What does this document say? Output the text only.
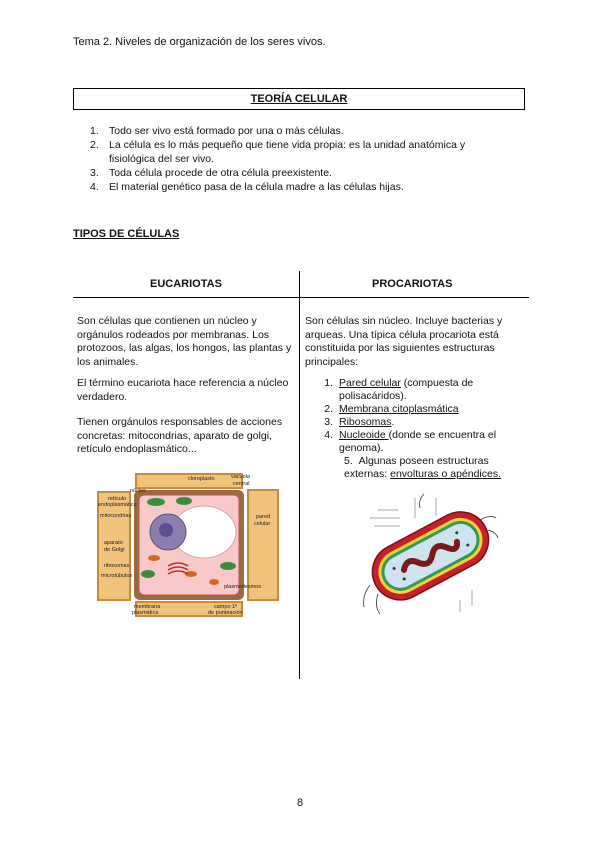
Tema 2. Niveles de organización de los seres vivos.
TEORÍA CELULAR
1. Todo ser vivo está formado por una o más células.
2. La célula es lo más pequeño que tiene vida propia: es la unidad anatómica y fisiológica del ser vivo.
3. Toda célula procede de otra célula preexistente.
4. El material genético pasa de la célula madre a las células hijas.
TIPOS DE CÉLULAS
EUCARIOTAS	PROCARIOTAS
Son células que contienen un núcleo y orgánulos rodeados por membranas. Los protozoos, las algas, los hongos, las plantas y los animales.
El término eucariota hace referencia a núcleo verdadero.
Tienen orgánulos responsables de acciones concretas: mitocondrias, aparato de golgi, retículo endoplasmático...
cloroplasto	vacuola
central
núcleo
retículo
endoplasmático
mitocondrias	pared
celular
aparato
de Golgi
ribosomas
microtúbulos
plasmodesmos
membrana
plasmática
campo 1º
de punteación
Son células sin núcleo. Incluye bacterias y arqueas. Una típica célula procariota está constituida por las siguientes estructuras principales:
1. Pared celular (compuesta de polisacáridos).
2. Membrana citoplasmática
3. Ribosomas.
4. Nucleoide (donde se encuentra el genoma).
5. Algunas poseen estructuras externas: envolturas o apéndices.
8
